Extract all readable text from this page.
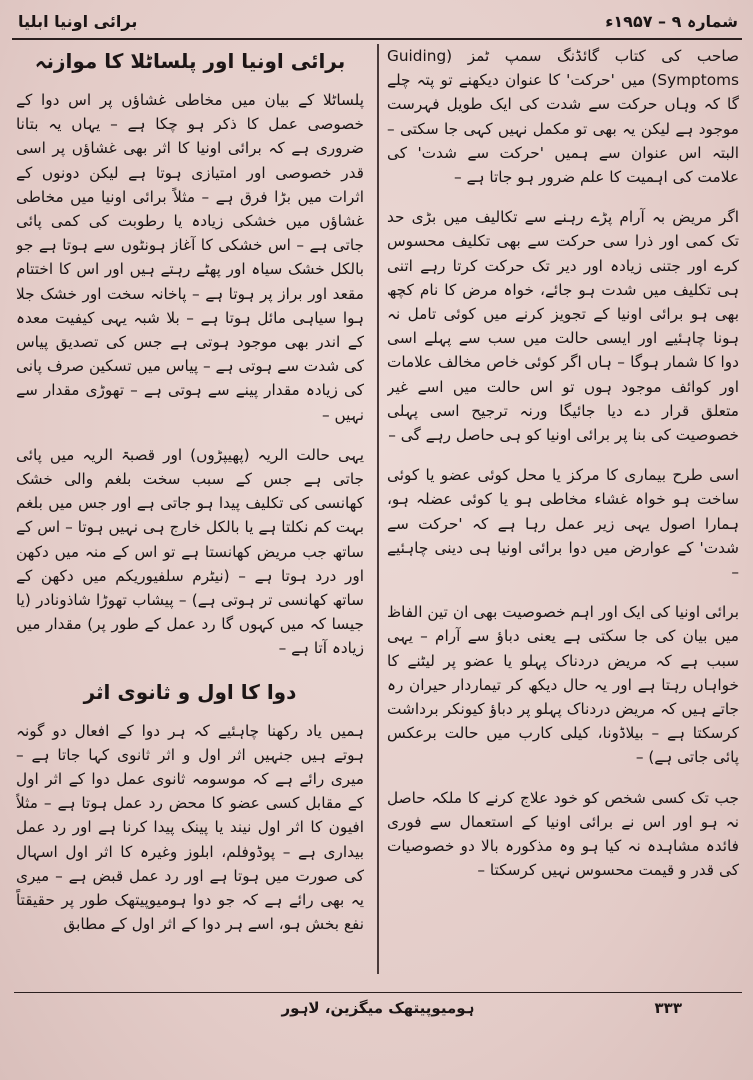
شمارہ ۹ – ۱۹۵۷ء
برائی اونیا ابلیا

صاحب کی کتاب گائڈنگ سمپ ٹمز (Guiding Symptoms) میں 'حرکت' کا عنوان دیکھنے تو پتہ چلے گا کہ وہاں حرکت سے شدت کی ایک طویل فہرست موجود ہے لیکن یہ بھی تو مکمل نہیں کہی جا سکتی – البتہ اس عنوان سے ہمیں 'حرکت سے شدت' کی علامت کی اہمیت کا علم ضرور ہو جاتا ہے –

اگر مریض بہ آرام پڑے رہنے سے تکالیف میں بڑی حد تک کمی اور ذرا سی حرکت سے بھی تکلیف محسوس کرے اور جتنی زیادہ اور دیر تک حرکت کرتا رہے اتنی ہی تکلیف میں شدت ہو جائے، خواہ مرض کا نام کچھ بھی ہو برائی اونیا کے تجویز کرنے میں کوئی تامل نہ ہونا چاہئیے اور ایسی حالت میں سب سے پہلے اسی دوا کا شمار ہوگا – ہاں اگر کوئی خاص مخالف علامات اور کوائف موجود ہوں تو اس حالت میں اسے غیر متعلق قرار دے دیا جائیگا ورنہ ترجیح اسی پہلی خصوصیت کی بنا پر برائی اونیا کو ہی حاصل رہے گی –

اسی طرح بیماری کا مرکز یا محل کوئی عضو یا کوئی ساخت ہو خواہ غشاء مخاطی ہو یا کوئی عضلہ ہو، ہمارا اصول یہی زیر عمل رہا ہے کہ 'حرکت سے شدت' کے عوارض میں دوا برائی اونیا ہی دینی چاہئیے –

برائی اونیا کی ایک اور اہم خصوصیت بھی ان تین الفاظ میں بیان کی جا سکتی ہے یعنی دباؤ سے آرام – یہی سبب ہے کہ مریض دردناک پہلو یا عضو پر لیٹنے کا خواہاں رہتا ہے اور یہ حال دیکھ کر تیماردار حیران رہ جاتے ہیں کہ مریض دردناک پہلو پر دباؤ کیونکر برداشت کرسکتا ہے – بیلاڈونا، کیلی کارب میں حالت برعکس پائی جاتی ہے) –

جب تک کسی شخص کو خود علاج کرنے کا ملکہ حاصل نہ ہو اور اس نے برائی اونیا کے استعمال سے فوری فائدہ مشاہدہ نہ کیا ہو وہ مذکورہ بالا دو خصوصیات کی قدر و قیمت محسوس نہیں کرسکتا –

برائی اونیا اور پلساٹلا کا موازنہ

پلساٹلا کے بیان میں مخاطی غشاؤں پر اس دوا کے خصوصی عمل کا ذکر ہو چکا ہے – یہاں یہ بتانا ضروری ہے کہ برائی اونیا کا اثر بھی غشاؤں پر اسی قدر خصوصی اور امتیازی ہوتا ہے لیکن دونوں کے اثرات میں بڑا فرق ہے – مثلاً برائی اونیا میں مخاطی غشاؤں میں خشکی زیادہ یا رطوبت کی کمی پائی جاتی ہے – اس خشکی کا آغاز ہونٹوں سے ہوتا ہے جو بالکل خشک سیاہ اور پھٹے رہتے ہیں اور اس کا اختتام مقعد اور براز پر ہوتا ہے – پاخانہ سخت اور خشک جلا ہوا سیاہی مائل ہوتا ہے – بلا شبہ یہی کیفیت معدہ کے اندر بھی موجود ہوتی ہے جس کی تصدیق پیاس کی شدت سے ہوتی ہے – پیاس میں تسکین صرف پانی کی زیادہ مقدار پینے سے ہوتی ہے – تھوڑی مقدار سے نہیں –

یہی حالت الریہ (پھیپڑوں) اور قصبۃ الریہ میں پائی جاتی ہے جس کے سبب سخت بلغم والی خشک کھانسی کی تکلیف پیدا ہو جاتی ہے اور جس میں بلغم بہت کم نکلتا ہے یا بالکل خارج ہی نہیں ہوتا – اس کے ساتھ جب مریض کھانستا ہے تو اس کے منہ میں دکھن اور درد ہوتا ہے – (نیٹرم سلفیوریکم میں دکھن کے ساتھ کھانسی تر ہوتی ہے) – پیشاب تھوڑا شاذونادر (یا جیسا کہ میں کہوں گا رد عمل کے طور پر) مقدار میں زیادہ آتا ہے –

دوا کا اول و ثانوی اثر

ہمیں یاد رکھنا چاہئیے کہ ہر دوا کے افعال دو گونہ ہوتے ہیں جنہیں اثر اول و اثر ثانوی کہا جاتا ہے – میری رائے ہے کہ موسومہ ثانوی عمل دوا کے اثر اول کے مقابل کسی عضو کا محض رد عمل ہوتا ہے – مثلاً افیون کا اثر اول نیند یا پینک پیدا کرنا ہے اور رد عمل بیداری ہے – پوڈوفلم، ابلوز وغیرہ کا اثر اول اسہال کی صورت میں ہوتا ہے اور رد عمل قبض ہے – میری یہ بھی رائے ہے کہ جو دوا ہومیوپیتھک طور پر حقیقتاً نفع بخش ہو، اسے ہر دوا کے اثر اول کے مطابق

ہومیوپیتھک میگزین، لاہور	۳۳۳
